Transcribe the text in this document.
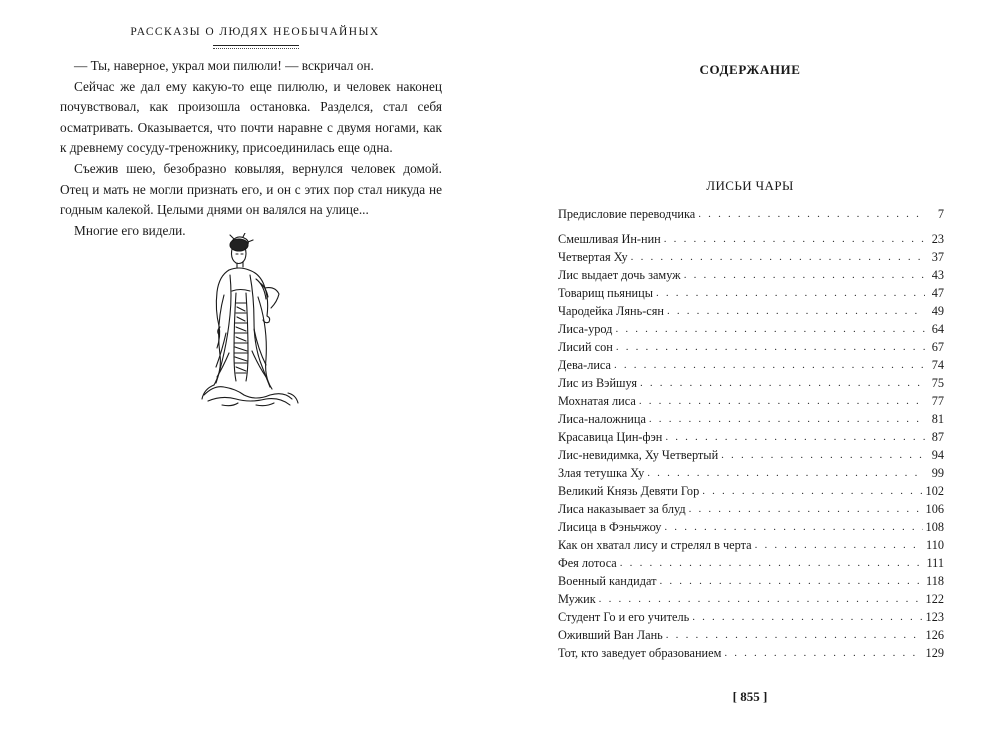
РАССКАЗЫ О ЛЮДЯХ НЕОБЫЧАЙНЫХ

— Ты, наверное, украл мои пилюли! — вскричал он.

Сейчас же дал ему какую-то еще пилюлю, и человек наконец почувствовал, как произошла остановка. Разделся, стал себя осматривать. Оказывается, что почти наравне с двумя ногами, как к древнему сосуду-треножнику, присоединилась еще одна.

Съежив шею, безобразно ковыляя, вернулся человек домой. Отец и мать не могли признать его, и он с этих пор стал никуда не годным калекой. Целыми днями он валялся на улице...

Многие его видели.

СОДЕРЖАНИЕ
ЛИСЬИ ЧАРЫ
Предисловие переводчика . . .	7
Смешливая Ин-нин . . .	23
Четвертая Ху . . .	37
Лис выдает дочь замуж . . .	43
Товарищ пьяницы . . .	47
Чародейка Лянь-сян . . .	49
Лиса-урод . . .	64
Лисий сон . . .	67
Дева-лиса . . .	74
Лис из Вэйшуя . . .	75
Мохнатая лиса . . .	77
Лиса-наложница . . .	81
Красавица Цин-фэн . . .	87
Лис-невидимка, Ху Четвертый . . .	94
Злая тетушка Ху . . .	99
Великий Князь Девяти Гор . . .	102
Лиса наказывает за блуд . . .	106
Лисица в Фэньчжоу . . .	108
Как он хватал лису и стрелял в черта . . .	110
Фея лотоса . . .	111
Военный кандидат . . .	118
Мужик . . .	122
Студент Го и его учитель . . .	123
Оживший Ван Лань . . .	126
Тот, кто заведует образованием . . .	129
[ 855 ]
